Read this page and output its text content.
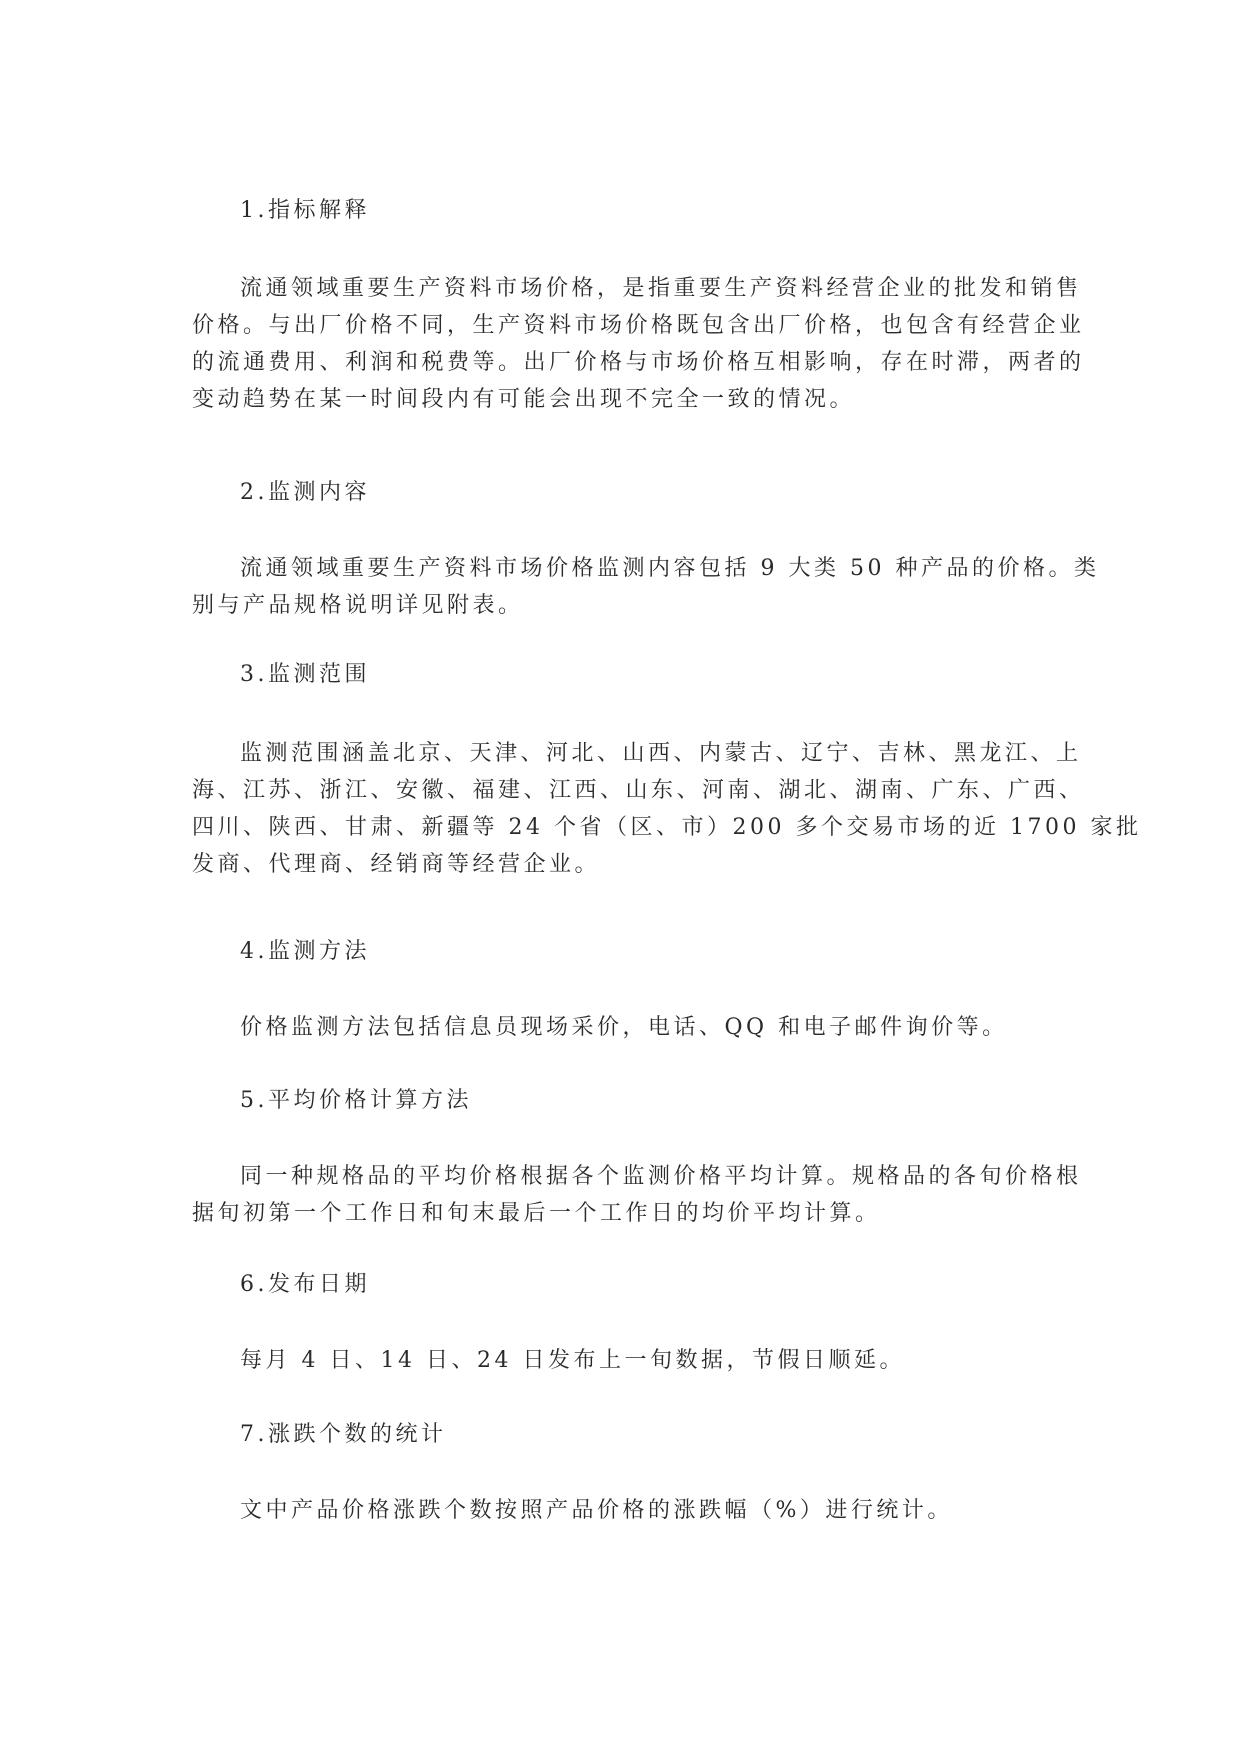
1.指标解释
流通领域重要生产资料市场价格，是指重要生产资料经营企业的批发和销售
价格。与出厂价格不同，生产资料市场价格既包含出厂价格，也包含有经营企业
的流通费用、利润和税费等。出厂价格与市场价格互相影响，存在时滞，两者的
变动趋势在某一时间段内有可能会出现不完全一致的情况。
2.监测内容
流通领域重要生产资料市场价格监测内容包括 9 大类 50 种产品的价格。类
别与产品规格说明详见附表。
3.监测范围
监测范围涵盖北京、天津、河北、山西、内蒙古、辽宁、吉林、黑龙江、上
海、江苏、浙江、安徽、福建、江西、山东、河南、湖北、湖南、广东、广西、
四川、陕西、甘肃、新疆等 24 个省（区、市）200 多个交易市场的近 1700 家批
发商、代理商、经销商等经营企业。
4.监测方法
价格监测方法包括信息员现场采价，电话、QQ 和电子邮件询价等。
5.平均价格计算方法
同一种规格品的平均价格根据各个监测价格平均计算。规格品的各旬价格根
据旬初第一个工作日和旬末最后一个工作日的均价平均计算。
6.发布日期
每月 4 日、14 日、24 日发布上一旬数据，节假日顺延。
7.涨跌个数的统计
文中产品价格涨跌个数按照产品价格的涨跌幅（%）进行统计。
